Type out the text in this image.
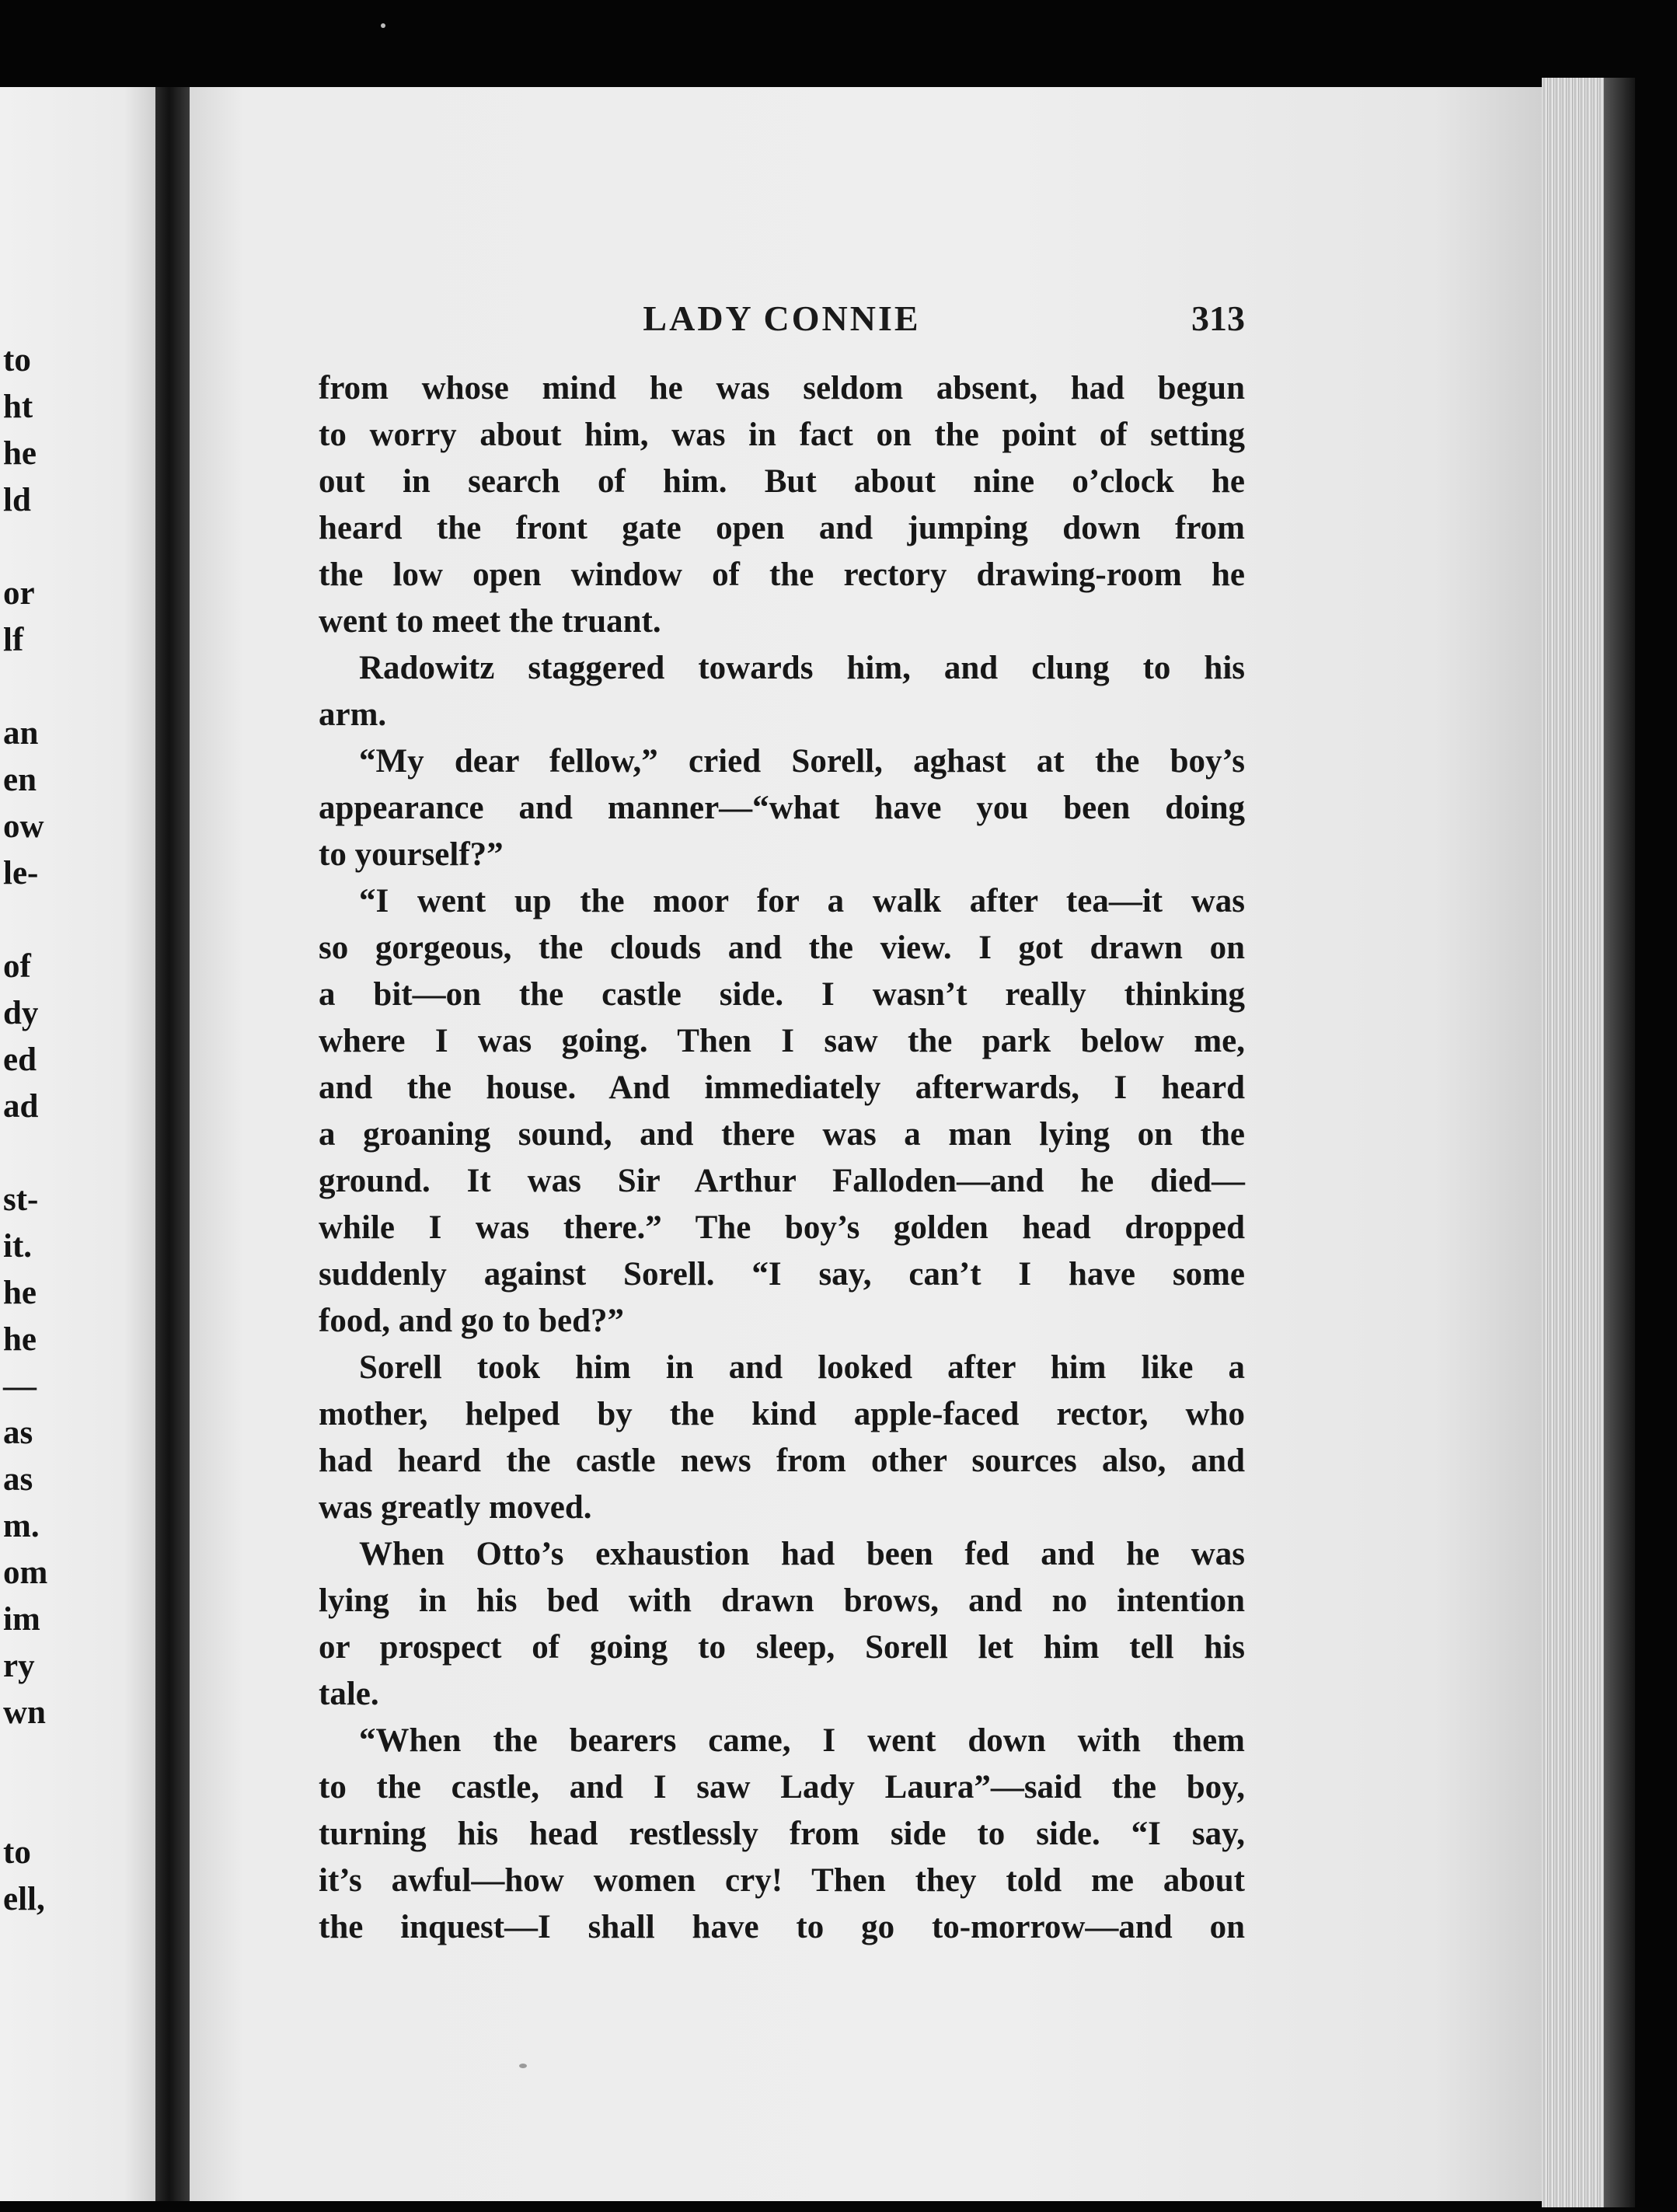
to
ht
he
ld
or
lf
an
en
ow
le-
of
dy
ed
ad
st-
it.
he
he
—
as
as
m.
om
im
ry
wn
to
ell,
LADY CONNIE	313
from whose mind he was seldom absent, had begun
to worry about him, was in fact on the point of setting
out in search of him. But about nine o’clock he
heard the front gate open and jumping down from
the low open window of the rectory drawing-room he
went to meet the truant.
Radowitz staggered towards him, and clung to his
arm.
“My dear fellow,” cried Sorell, aghast at the boy’s
appearance and manner—“what have you been doing
to yourself?”
“I went up the moor for a walk after tea—it was
so gorgeous, the clouds and the view. I got drawn on
a bit—on the castle side. I wasn’t really thinking
where I was going. Then I saw the park below me,
and the house. And immediately afterwards, I heard
a groaning sound, and there was a man lying on the
ground. It was Sir Arthur Falloden—and he died—
while I was there.” The boy’s golden head dropped
suddenly against Sorell. “I say, can’t I have some
food, and go to bed?”
Sorell took him in and looked after him like a
mother, helped by the kind apple-faced rector, who
had heard the castle news from other sources also, and
was greatly moved.
When Otto’s exhaustion had been fed and he was
lying in his bed with drawn brows, and no intention
or prospect of going to sleep, Sorell let him tell his
tale.
“When the bearers came, I went down with them
to the castle, and I saw Lady Laura”—said the boy,
turning his head restlessly from side to side. “I say,
it’s awful—how women cry! Then they told me about
the inquest—I shall have to go to-morrow—and on
